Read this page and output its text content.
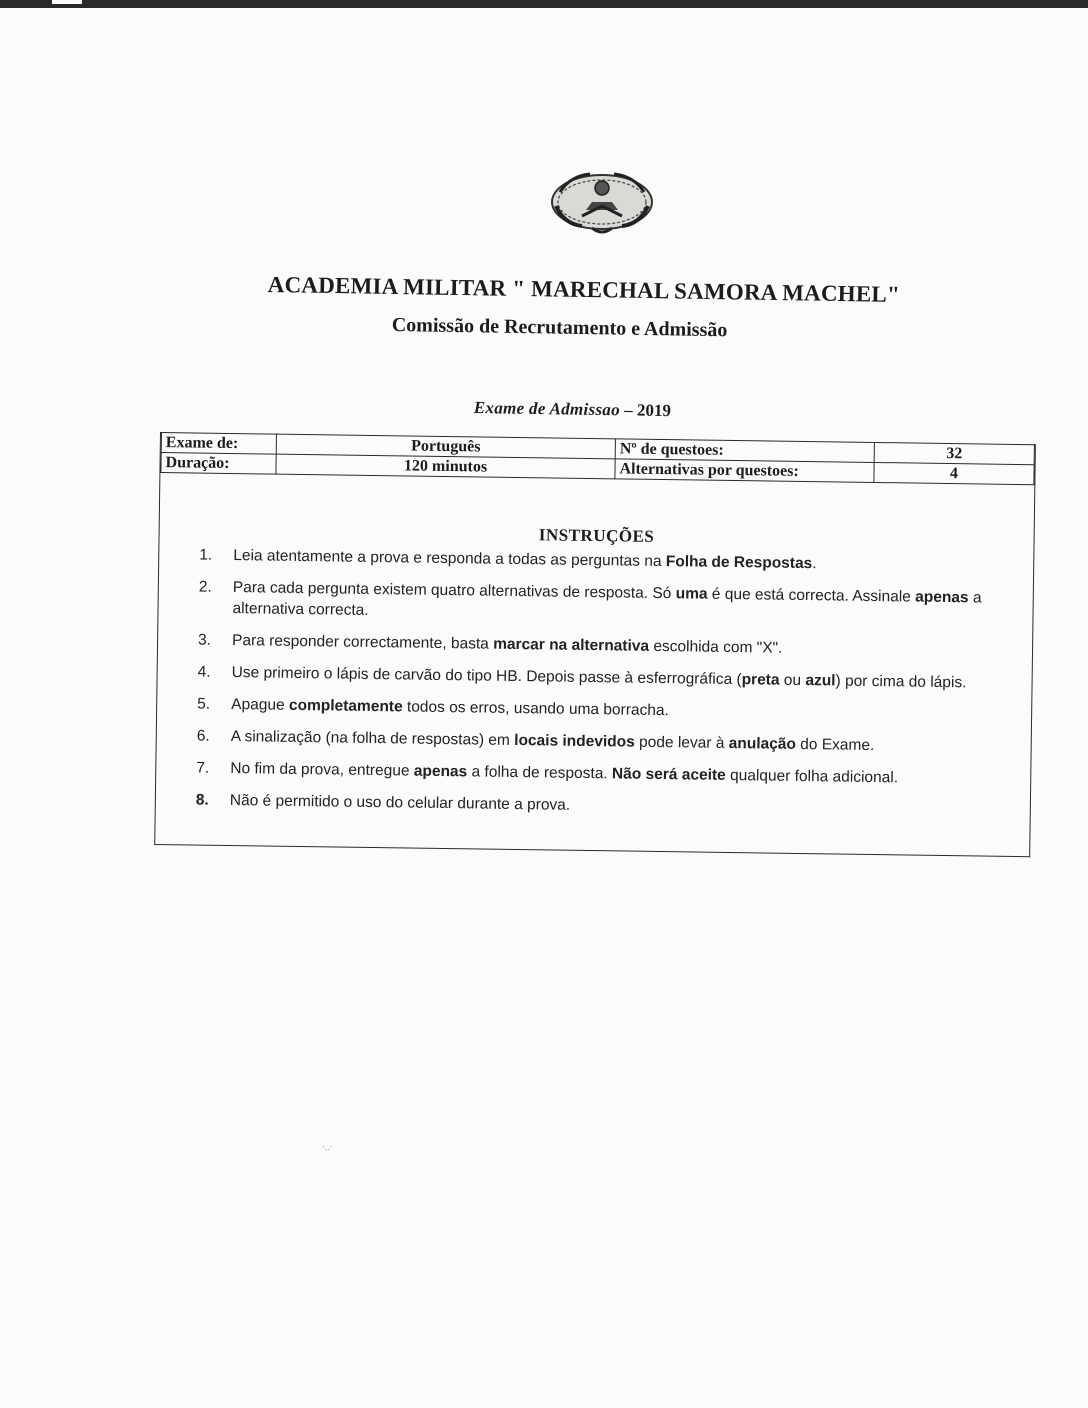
ACADEMIA MILITAR " MARECHAL SAMORA MACHEL"
Comissão de Recrutamento e Admissão
Exame de Admissao – 2019
Exame de:	Português	Nº de questoes:	32
Duração:	120 minutos	Alternativas por questoes:	4
INSTRUÇÕES
1. Leia atentamente a prova e responda a todas as perguntas na Folha de Respostas.
2. Para cada pergunta existem quatro alternativas de resposta. Só uma é que está correcta. Assinale apenas a alternativa correcta.
3. Para responder correctamente, basta marcar na alternativa escolhida com "X".
4. Use primeiro o lápis de carvão do tipo HB. Depois passe à esferrográfica (preta ou azul) por cima do lápis.
5. Apague completamente todos os erros, usando uma borracha.
6. A sinalização (na folha de respostas) em locais indevidos pode levar à anulação do Exame.
7. No fim da prova, entregue apenas a folha de resposta. Não será aceite qualquer folha adicional.
8. Não é permitido o uso do celular durante a prova.
·..·
